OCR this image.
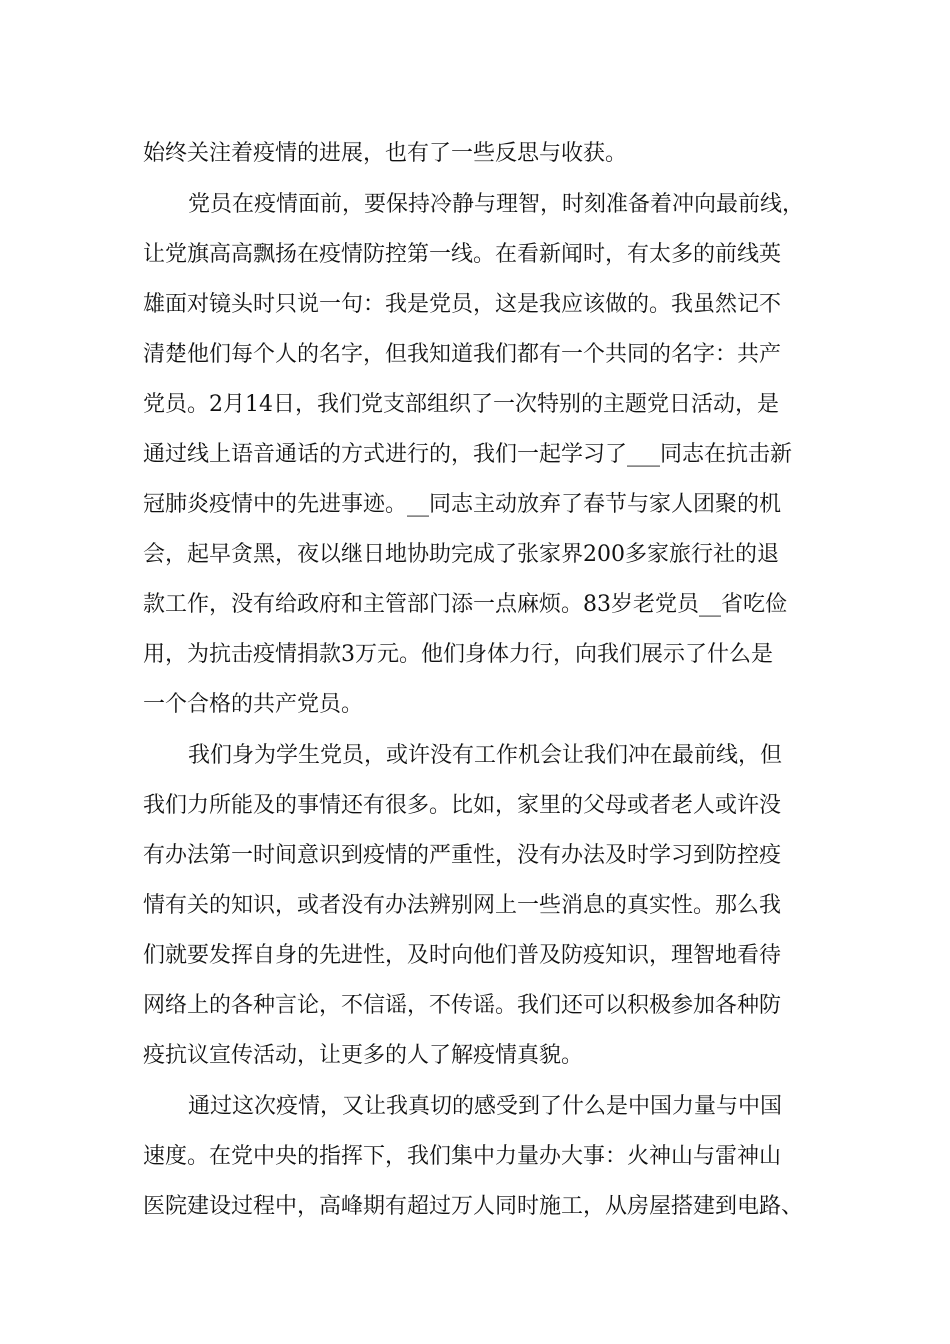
始终关注着疫情的进展，也有了一些反思与收获。
党员在疫情面前，要保持冷静与理智，时刻准备着冲向最前线，
让党旗高高飘扬在疫情防控第一线。在看新闻时，有太多的前线英
雄面对镜头时只说一句：我是党员，这是我应该做的。我虽然记不
清楚他们每个人的名字，但我知道我们都有一个共同的名字：共产
党员。2月14日，我们党支部组织了一次特别的主题党日活动，是
通过线上语音通话的方式进行的，我们一起学习了___同志在抗击新
冠肺炎疫情中的先进事迹。__同志主动放弃了春节与家人团聚的机
会，起早贪黑，夜以继日地协助完成了张家界200多家旅行社的退
款工作，没有给政府和主管部门添一点麻烦。83岁老党员__省吃俭
用，为抗击疫情捐款3万元。他们身体力行，向我们展示了什么是
一个合格的共产党员。
我们身为学生党员，或许没有工作机会让我们冲在最前线，但
我们力所能及的事情还有很多。比如，家里的父母或者老人或许没
有办法第一时间意识到疫情的严重性，没有办法及时学习到防控疫
情有关的知识，或者没有办法辨别网上一些消息的真实性。那么我
们就要发挥自身的先进性，及时向他们普及防疫知识，理智地看待
网络上的各种言论，不信谣，不传谣。我们还可以积极参加各种防
疫抗议宣传活动，让更多的人了解疫情真貌。
通过这次疫情，又让我真切的感受到了什么是中国力量与中国
速度。在党中央的指挥下，我们集中力量办大事：火神山与雷神山
医院建设过程中，高峰期有超过万人同时施工，从房屋搭建到电路、
